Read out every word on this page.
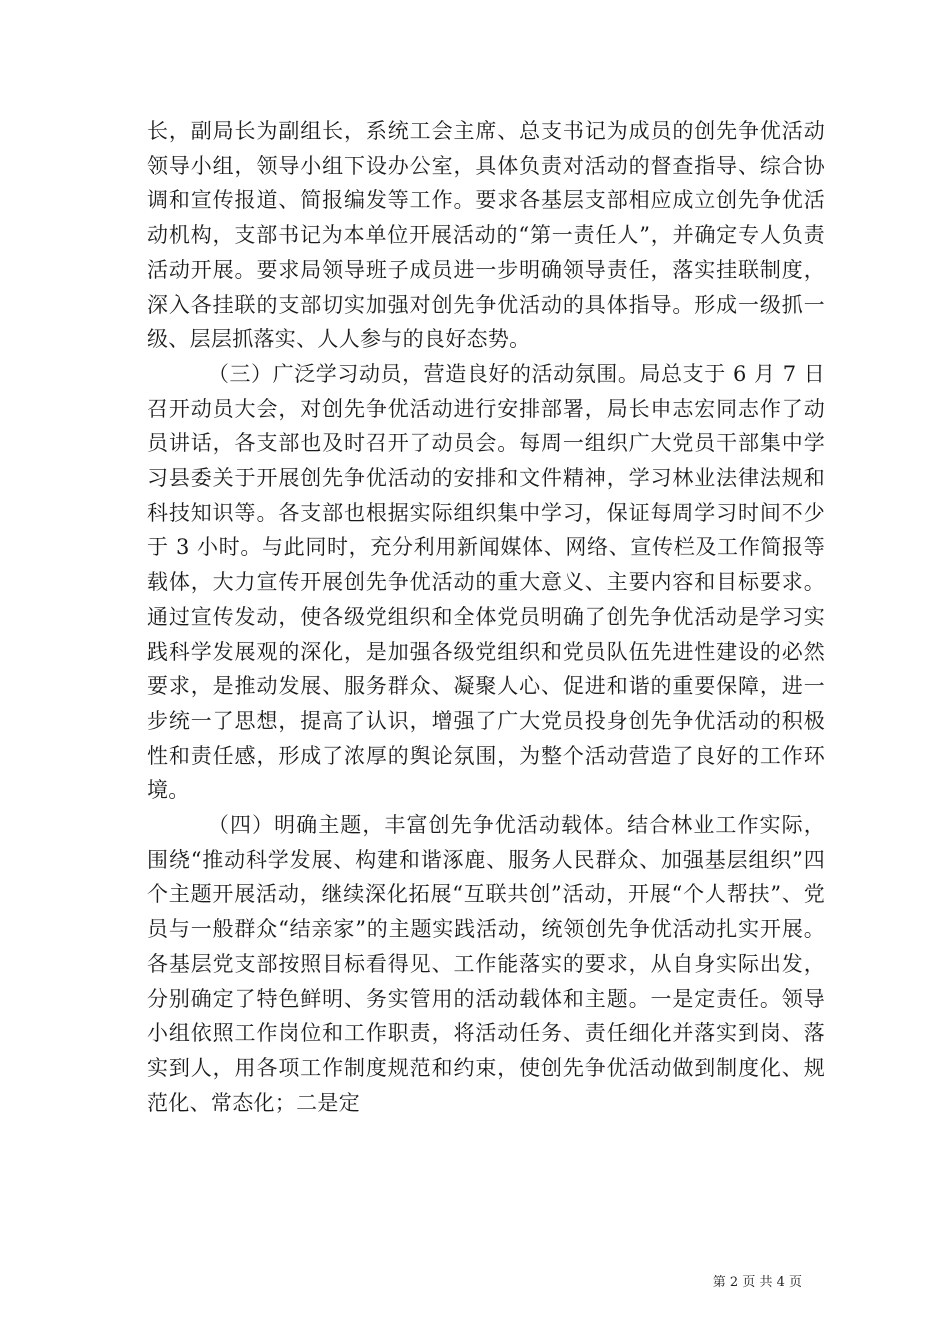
长，副局长为副组长，系统工会主席、总支书记为成员的创先争优活动领导小组，领导小组下设办公室，具体负责对活动的督查指导、综合协调和宣传报道、简报编发等工作。要求各基层支部相应成立创先争优活动机构，支部书记为本单位开展活动的“第一责任人”，并确定专人负责活动开展。要求局领导班子成员进一步明确领导责任，落实挂联制度，深入各挂联的支部切实加强对创先争优活动的具体指导。形成一级抓一级、层层抓落实、人人参与的良好态势。

（三）广泛学习动员，营造良好的活动氛围。局总支于 6 月 7 日召开动员大会，对创先争优活动进行安排部署，局长申志宏同志作了动员讲话，各支部也及时召开了动员会。每周一组织广大党员干部集中学习县委关于开展创先争优活动的安排和文件精神，学习林业法律法规和科技知识等。各支部也根据实际组织集中学习，保证每周学习时间不少于 3 小时。与此同时，充分利用新闻媒体、网络、宣传栏及工作简报等载体，大力宣传开展创先争优活动的重大意义、主要内容和目标要求。通过宣传发动，使各级党组织和全体党员明确了创先争优活动是学习实践科学发展观的深化，是加强各级党组织和党员队伍先进性建设的必然要求，是推动发展、服务群众、凝聚人心、促进和谐的重要保障，进一步统一了思想，提高了认识，增强了广大党员投身创先争优活动的积极性和责任感，形成了浓厚的舆论氛围，为整个活动营造了良好的工作环境。

（四）明确主题，丰富创先争优活动载体。结合林业工作实际，围绕“推动科学发展、构建和谐涿鹿、服务人民群众、加强基层组织”四个主题开展活动，继续深化拓展“互联共创”活动，开展“个人帮扶”、党员与一般群众“结亲家”的主题实践活动，统领创先争优活动扎实开展。各基层党支部按照目标看得见、工作能落实的要求，从自身实际出发，分别确定了特色鲜明、务实管用的活动载体和主题。一是定责任。领导小组依照工作岗位和工作职责，将活动任务、责任细化并落实到岗、落实到人，用各项工作制度规范和约束，使创先争优活动做到制度化、规范化、常态化；二是定

第 2 页 共 4 页
